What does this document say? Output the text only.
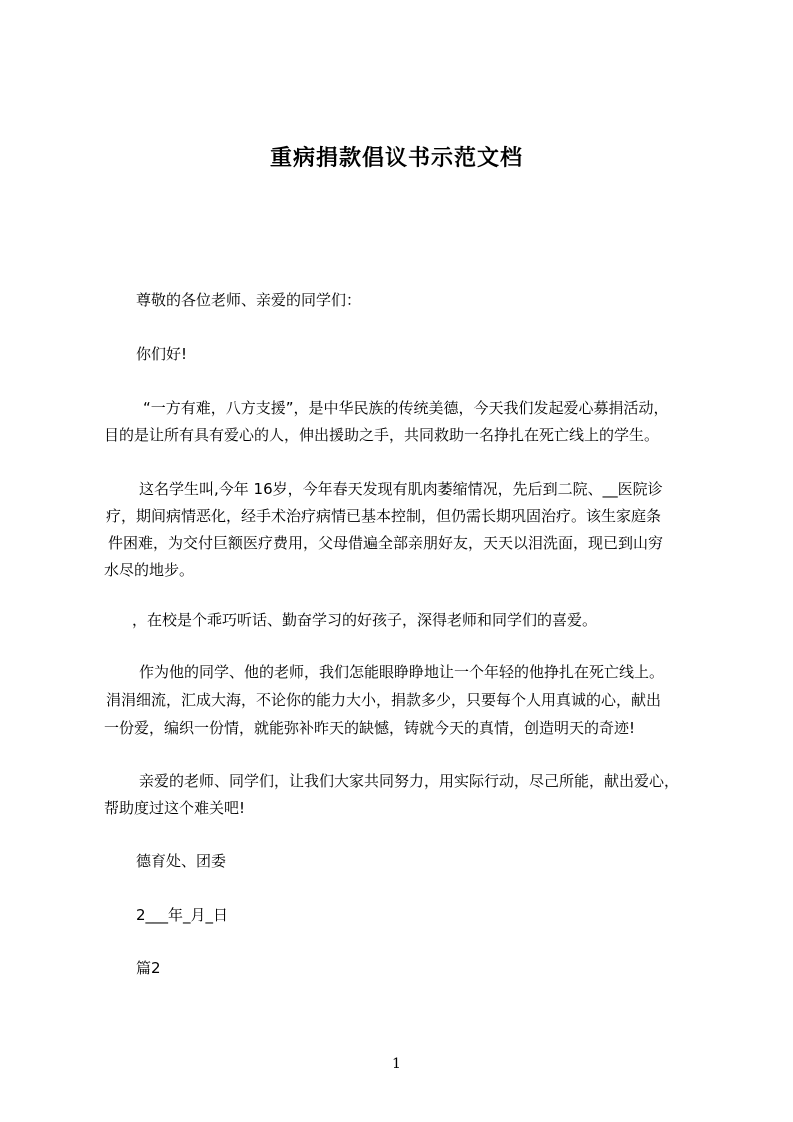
重病捐款倡议书示范文档
尊敬的各位老师、亲爱的同学们：
你们好!
“一方有难，八方支援”，是中华民族的传统美德，今天我们发起爱心募捐活动，
目的是让所有具有爱心的人，伸出援助之手，共同救助一名挣扎在死亡线上的学生。
这名学生叫,今年 16岁，今年春天发现有肌肉萎缩情况，先后到二院、__医院诊
疗，期间病情恶化，经手术治疗病情已基本控制，但仍需长期巩固治疗。该生家庭条
件困难，为交付巨额医疗费用，父母借遍全部亲朋好友，天天以泪洗面，现已到山穷
水尽的地步。
，在校是个乖巧听话、勤奋学习的好孩子，深得老师和同学们的喜爱。
作为他的同学、他的老师，我们怎能眼睁睁地让一个年轻的他挣扎在死亡线上。
涓涓细流，汇成大海，不论你的能力大小，捐款多少，只要每个人用真诚的心，献出
一份爱，编织一份情，就能弥补昨天的缺憾，铸就今天的真情，创造明天的奇迹!
亲爱的老师、同学们，让我们大家共同努力，用实际行动，尽己所能，献出爱心，
帮助度过这个难关吧!
德育处、团委
2___年_月_日
篇2
1
